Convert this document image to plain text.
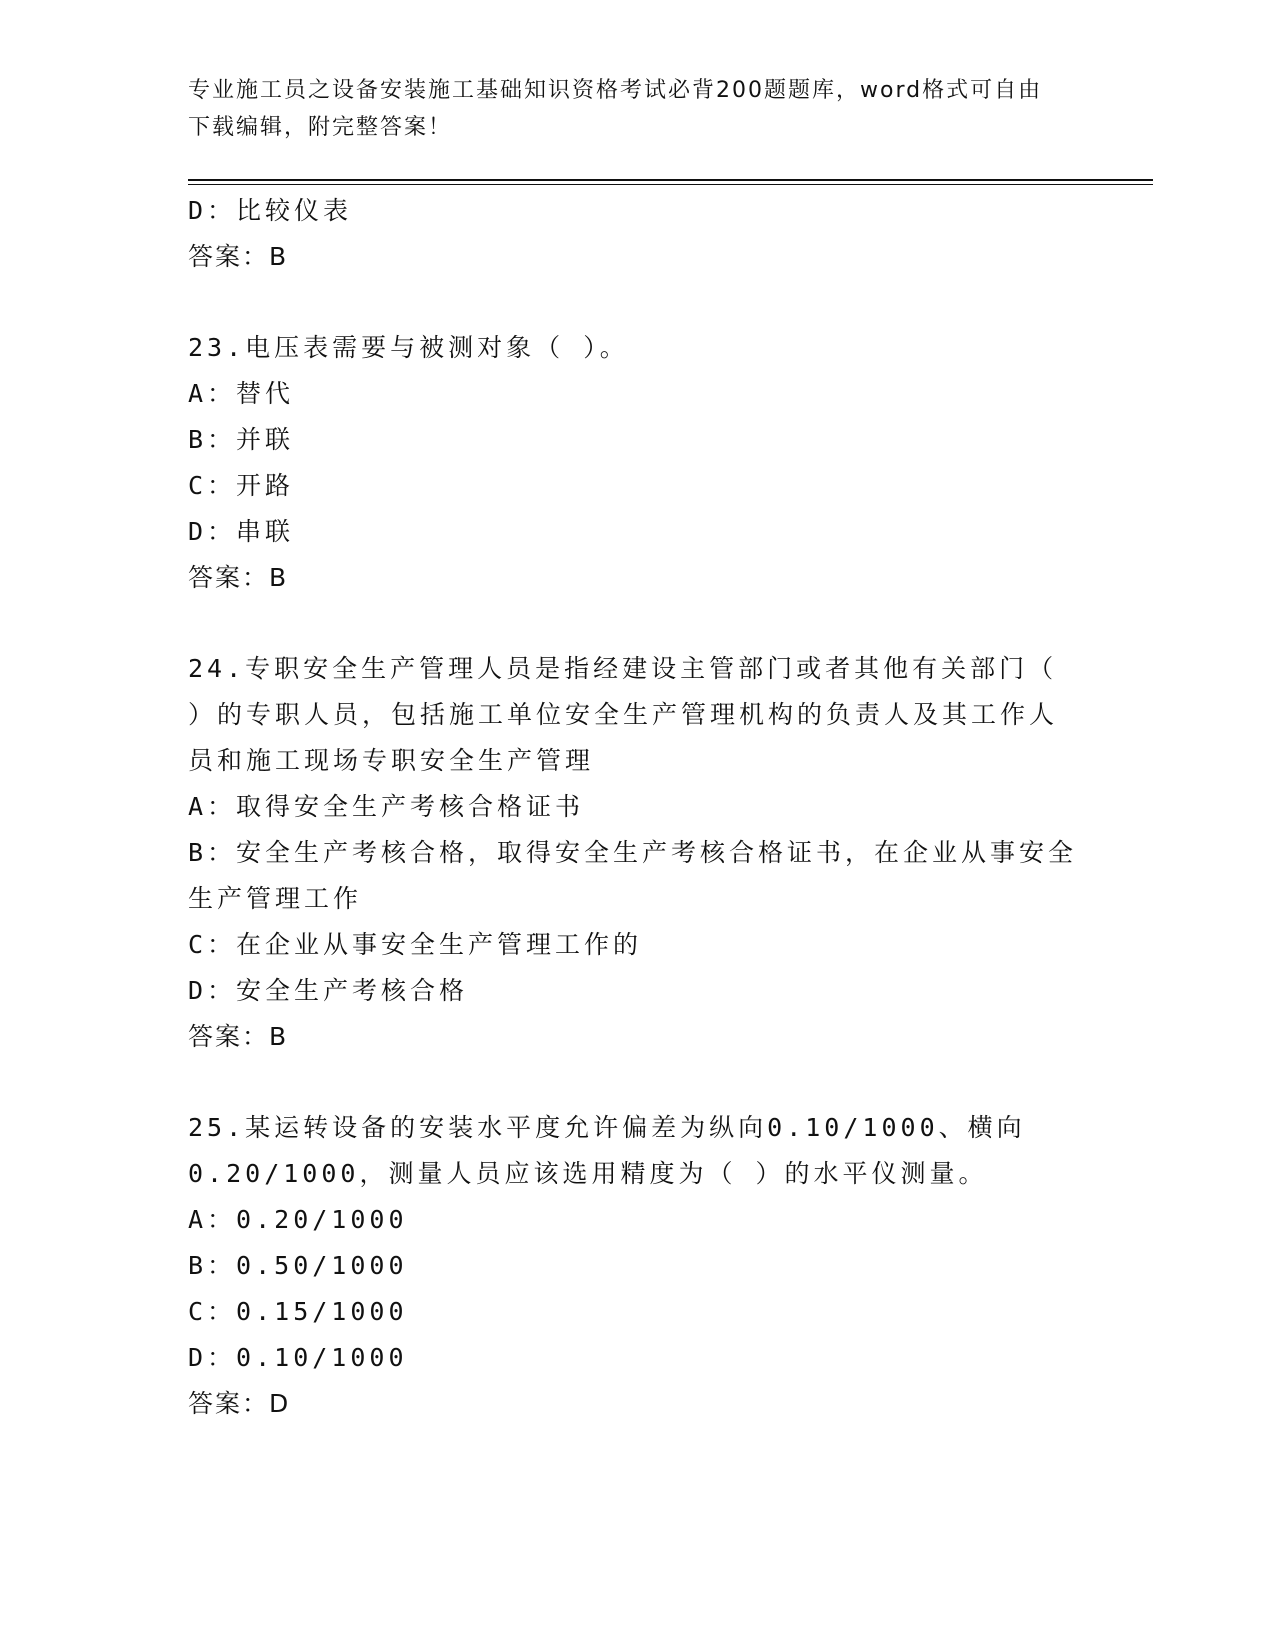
专业施工员之设备安装施工基础知识资格考试必背200题题库，word格式可自由
下载编辑，附完整答案！
D：比较仪表
答案：B
23.电压表需要与被测对象（ ）。
A：替代
B：并联
C：开路
D：串联
答案：B
24.专职安全生产管理人员是指经建设主管部门或者其他有关部门（
）的专职人员，包括施工单位安全生产管理机构的负责人及其工作人
员和施工现场专职安全生产管理
A：取得安全生产考核合格证书
B：安全生产考核合格，取得安全生产考核合格证书，在企业从事安全
生产管理工作
C：在企业从事安全生产管理工作的
D：安全生产考核合格
答案：B
25.某运转设备的安装水平度允许偏差为纵向0.10/1000、横向
0.20/1000，测量人员应该选用精度为（ ）的水平仪测量。
A：0.20/1000
B：0.50/1000
C：0.15/1000
D：0.10/1000
答案：D
